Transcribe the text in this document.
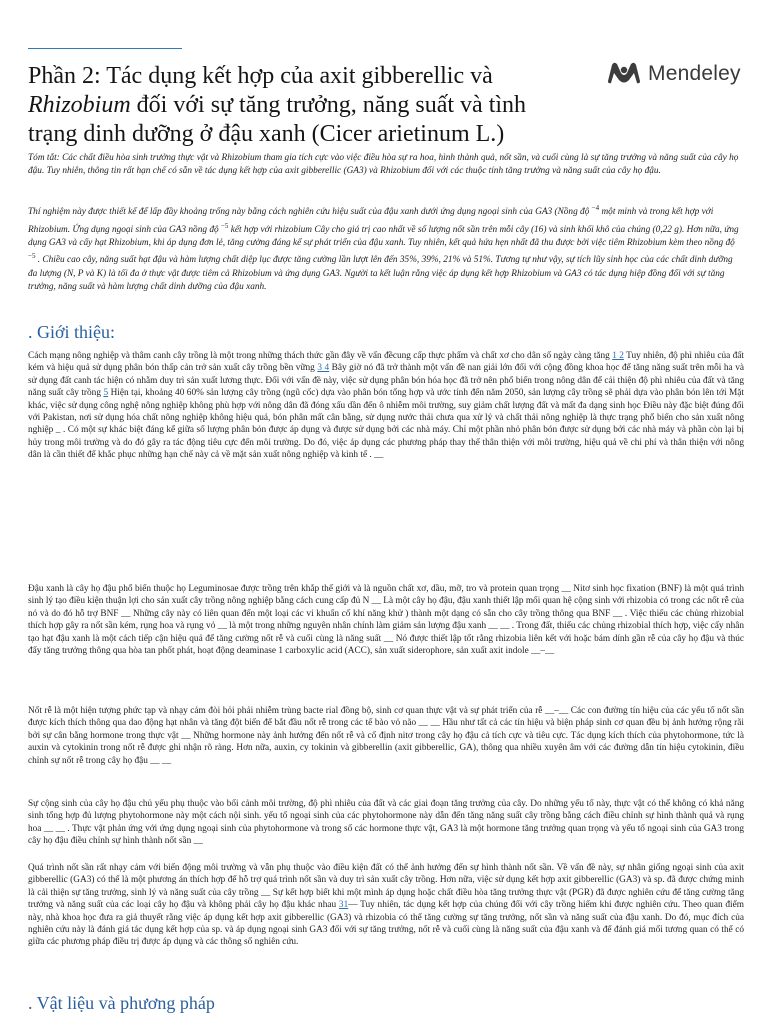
Mendeley
Phần 2: Tác dụng kết hợp của axit gibberellic và
Rhizobium đối với sự tăng trưởng, năng suất và tình
trạng dinh dưỡng ở đậu xanh (Cicer arietinum L.)

Tóm tắt: Các chất điều hòa sinh trưởng thực vật và Rhizobium tham gia tích cực vào việc điều hòa sự ra hoa, hình thành quả, nốt sần, và cuối cùng là sự tăng trưởng và năng suất của cây họ đậu. Tuy nhiên, thông tin rất hạn chế có sẵn về tác dụng kết hợp của axit gibberellic (GA3) và Rhizobium đối với các thuộc tính tăng trưởng và năng suất của cây họ đậu.

Thí nghiệm này được thiết kế để lấp đầy khoảng trống này bằng cách nghiên cứu hiệu suất của đậu xanh dưới ứng dụng ngoại sinh của GA3 (Nồng độ $^{-4}$ một minh và trong kết hợp với Rhizobium. Ứng dụng ngoại sinh của GA3 nồng độ $^{-5}$ kết hợp với rhizobium Cây cho giá trị cao nhất về số lượng nốt sần trên mỗi cây (16) và sinh khối khô của chúng (0,22 g). Hơn nữa, ứng dụng GA3 và cấy hạt Rhizobium, khi áp dụng đơn lẻ, tăng cường đáng kể sự phát triển của đậu xanh. Tuy nhiên, kết quả hứa hẹn nhất đã thu được bởi việc tiêm Rhizobium kèm theo nồng độ $^{-5}$ . Chiều cao cây, năng suất hạt đậu và hàm lượng chất diệp lục được tăng cường lần lượt lên đến 35%, 39%, 21% và 51%. Tương tự như vậy, sự tích lũy sinh học của các chất dinh dưỡng đa lượng (N, P và K) là tối đa ở thực vật được tiêm cả Rhizobium và ứng dụng GA3. Người ta kết luận rằng việc áp dụng kết hợp Rhizobium và GA3 có tác dụng hiệp đồng đối với sự tăng trưởng, năng suất và hàm lượng chất dinh dưỡng của đậu xanh.

. Giới thiệu:

Cách mạng nông nghiệp và thâm canh cây trồng là một trong những thách thức gần đây về vấn đềcung cấp thực phẩm và chất xơ cho dân số ngày càng tăng 1 2 Tuy nhiên, độ phì nhiêu của đất kém và hiệu quả sử dụng phân bón thấp cản trở sản xuất cây trồng bền vững 3 4 Bây giờ nó đã trở thành một vấn đề nan giải lớn đối với cộng đồng khoa học để tăng năng suất trên mỗi ha và sử dụng đất canh tác hiện có nhằm duy trì sản xuất lương thực. Đối với vấn đề này, việc sử dụng phân bón hóa học đã trở nên phổ biến trong nông dân để cải thiện độ phì nhiêu của đất và tăng năng suất cây trồng 5 Hiện tại, khoảng 40 60% sản lượng cây trồng (ngũ cốc) dựa vào phân bón tổng hợp và ước tính đến năm 2050, sản lượng cây trồng sẽ phải dựa vào phân bón lên tới Mặt khác, việc sử dụng công nghệ nông nghiệp không phù hợp với nông dân đã đóng xấu dần đến ô nhiễm môi trường, suy giảm chất lượng đất và mất đa dạng sinh học Điều này đặc biệt đúng đối với Pakistan, nơi sử dụng hóa chất nông nghiệp không hiệu quả, bón phân mất cân bằng, sử dụng nước thải chưa qua xử lý và chất thải nông nghiệp là thực trạng phổ biến cho sản xuất nông nghiệp _ . Có một sự khác biệt đáng kể giữa số lượng phân bón được áp dụng và được sử dụng bởi các nhà máy. Chỉ một phần nhỏ phân bón được sử dụng bởi các nhà máy và phần còn lại bị hủy trong môi trường và do đó gây ra tác động tiêu cực đến môi trường. Do đó, việc áp dụng các phương pháp thay thế thân thiện với môi trường, hiệu quả về chi phí và thân thiện với nông dân là cần thiết để khắc phục những hạn chế này cả về mặt sản xuất nông nghiệp và kinh tế . __

Đậu xanh là cây họ đậu phổ biến thuộc họ Leguminosae được trồng trên khắp thế giới và là nguồn chất xơ, dầu, mỡ, tro và protein quan trọng __ Nitơ sinh học fixation (BNF) là một quá trình sinh lý tạo điều kiện thuận lợi cho sản xuất cây trồng nông nghiệp bằng cách cung cấp đủ N __ Là một cây họ đậu, đậu xanh thiết lập mối quan hệ cộng sinh với rhizobia có trong các nốt rễ của nó và do đó hỗ trợ BNF __ Những cây này có liên quan đến một loại các vi khuẩn cố khí năng khử ) thành một dạng có sẵn cho cây trồng thông qua BNF __ . Việc thiếu các chủng rhizobial thích hợp gây ra nốt sần kém, rụng hoa và rụng vỏ __ là một trong những nguyên nhân chính làm giảm sản lượng đậu xanh __ __ . Trong đất, thiếu các chủng rhizobial thích hợp, việc cấy nhân tạo hạt đậu xanh là một cách tiếp cận hiệu quả để tăng cường nốt rễ và cuối cùng là năng suất __ Nó được thiết lập tốt rằng rhizobia liên kết với hoặc bám dính gần rễ của cây họ đậu và thúc đẩy tăng trưởng thông qua hòa tan phốt phát, hoạt động deaminase 1 carboxylic acid (ACC), sản xuất siderophore, sản xuất axit indole __–__

Nốt rễ là một hiện tượng phức tạp và nhạy cảm đòi hỏi phải nhiễm trùng bacte rial đồng bộ, sinh cơ quan thực vật và sự phát triển của rễ __–__ Các con đường tín hiệu của các yếu tố nốt sần được kích thích thông qua dao động hạt nhân và tăng đột biến để bắt đầu nốt rễ trong các tế bào vỏ não __ __ Hầu như tất cả các tín hiệu và biện pháp sinh cơ quan đều bị ảnh hưởng rộng rãi bởi sự cân bằng hormone trong thực vật __ Những hormone này ảnh hưởng đến nốt rễ và cố định nitơ trong cây họ đậu cả tích cực và tiêu cực. Tác dụng kích thích của phytohormone, tức là auxin và cytokinin trong nốt rễ được ghi nhận rõ ràng. Hơn nữa, auxin, cy tokinin và gibberellin (axit gibberellic, GA), thông qua nhiều xuyên âm với các đường dẫn tín hiệu cytokinin, điều chỉnh sự nốt rễ trong cây họ đậu __ __

Sự cộng sinh của cây họ đậu chủ yếu phụ thuộc vào bối cảnh môi trường, độ phì nhiêu của đất và các giai đoạn tăng trưởng của cây. Do những yếu tố này, thực vật có thể không có khả năng sinh tổng hợp đủ lượng phytohormone này một cách nội sinh. yếu tố ngoại sinh của các phytohormone này dẫn đến tăng năng suất cây trồng bằng cách điều chỉnh sự hình thành quả và rụng hoa __ __ . Thực vật phản ứng với ứng dụng ngoại sinh của phytohormone và trong số các hormone thực vật, GA3 là một hormone tăng trưởng quan trọng và yếu tố ngoại sinh của GA3 trong cây họ đậu điều chỉnh sự hình thành nốt sần __

Quá trình nốt sần rất nhạy cảm với biến động môi trường và vẫn phụ thuộc vào điều kiện đất có thể ảnh hưởng đến sự hình thành nốt sần. Về vấn đề này, sự nhân giống ngoại sinh của axit gibberellic (GA3) có thể là một phương án thích hợp để hỗ trợ quá trình nốt sần và duy trì sản xuất cây trồng. Hơn nữa, việc sử dụng kết hợp axit gibberellic (GA3) và sp. đã được chứng minh là cải thiện sự tăng trưởng, sinh lý và năng suất của cây trồng __ Sự kết hợp biết khi một mình áp dụng hoặc chất điều hòa tăng trưởng thực vật (PGR) đã được nghiên cứu để tăng cường tăng trưởng và năng suất của các loại cây họ đậu và không phải cây họ đậu khác nhau 31— Tuy nhiên, tác dụng kết hợp của chúng đối với cây trồng hiếm khi được nghiên cứu. Theo quan điểm này, nhà khoa học đưa ra giả thuyết rằng việc áp dụng kết hợp axit gibberellic (GA3) và rhizobia có thể tăng cường sự tăng trưởng, nốt sần và năng suất của đậu xanh. Do đó, mục đích của nghiên cứu này là đánh giá tác dụng kết hợp của sp. và áp dụng ngoại sinh GA3 đối với sự tăng trưởng, nốt rễ và cuối cùng là năng suất của đậu xanh và để đánh giá mối tương quan có thể có giữa các phương pháp điều trị được áp dụng và các thông số nghiên cứu.

. Vật liệu và phương pháp
